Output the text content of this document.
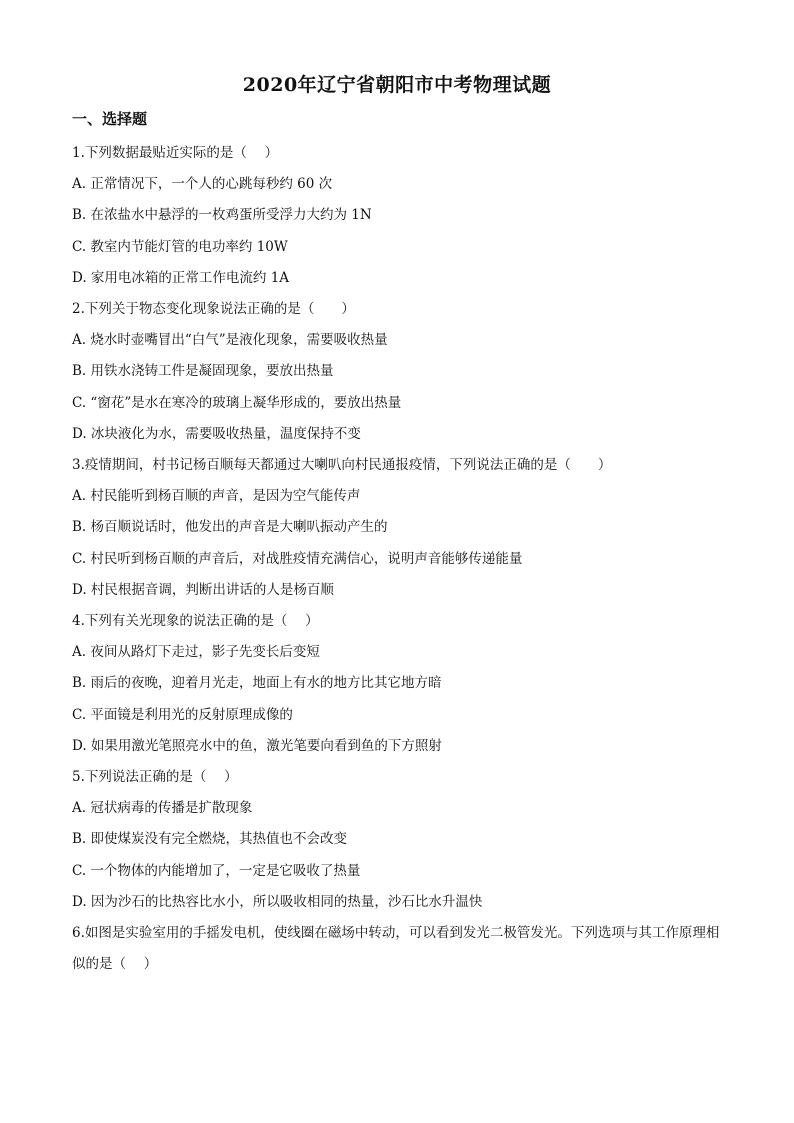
2020年辽宁省朝阳市中考物理试题
一、选择题
1.下列数据最贴近实际的是（　 ）
A. 正常情况下，一个人的心跳每秒约 60 次
B. 在浓盐水中悬浮的一枚鸡蛋所受浮力大约为 1N
C. 教室内节能灯管的电功率约 10W
D. 家用电冰箱的正常工作电流约 1A
2.下列关于物态变化现象说法正确的是（　　）
A. 烧水时壶嘴冒出“白气”是液化现象，需要吸收热量
B. 用铁水浇铸工件是凝固现象，要放出热量
C. “窗花”是水在寒冷的玻璃上凝华形成的，要放出热量
D. 冰块液化为水，需要吸收热量，温度保持不变
3.疫情期间，村书记杨百顺每天都通过大喇叭向村民通报疫情，下列说法正确的是（　　）
A. 村民能听到杨百顺的声音，是因为空气能传声
B. 杨百顺说话时，他发出的声音是大喇叭振动产生的
C. 村民听到杨百顺的声音后，对战胜疫情充满信心，说明声音能够传递能量
D. 村民根据音调，判断出讲话的人是杨百顺
4.下列有关光现象的说法正确的是（　 ）
A. 夜间从路灯下走过，影子先变长后变短
B. 雨后的夜晚，迎着月光走，地面上有水的地方比其它地方暗
C. 平面镜是利用光的反射原理成像的
D. 如果用激光笔照亮水中的鱼，激光笔要向看到鱼的下方照射
5.下列说法正确的是（　 ）
A. 冠状病毒的传播是扩散现象
B. 即使煤炭没有完全燃烧，其热值也不会改变
C. 一个物体的内能增加了，一定是它吸收了热量
D. 因为沙石的比热容比水小，所以吸收相同的热量，沙石比水升温快
6.如图是实验室用的手摇发电机，使线圈在磁场中转动，可以看到发光二极管发光。下列选项与其工作原理相似的是（　 ）
